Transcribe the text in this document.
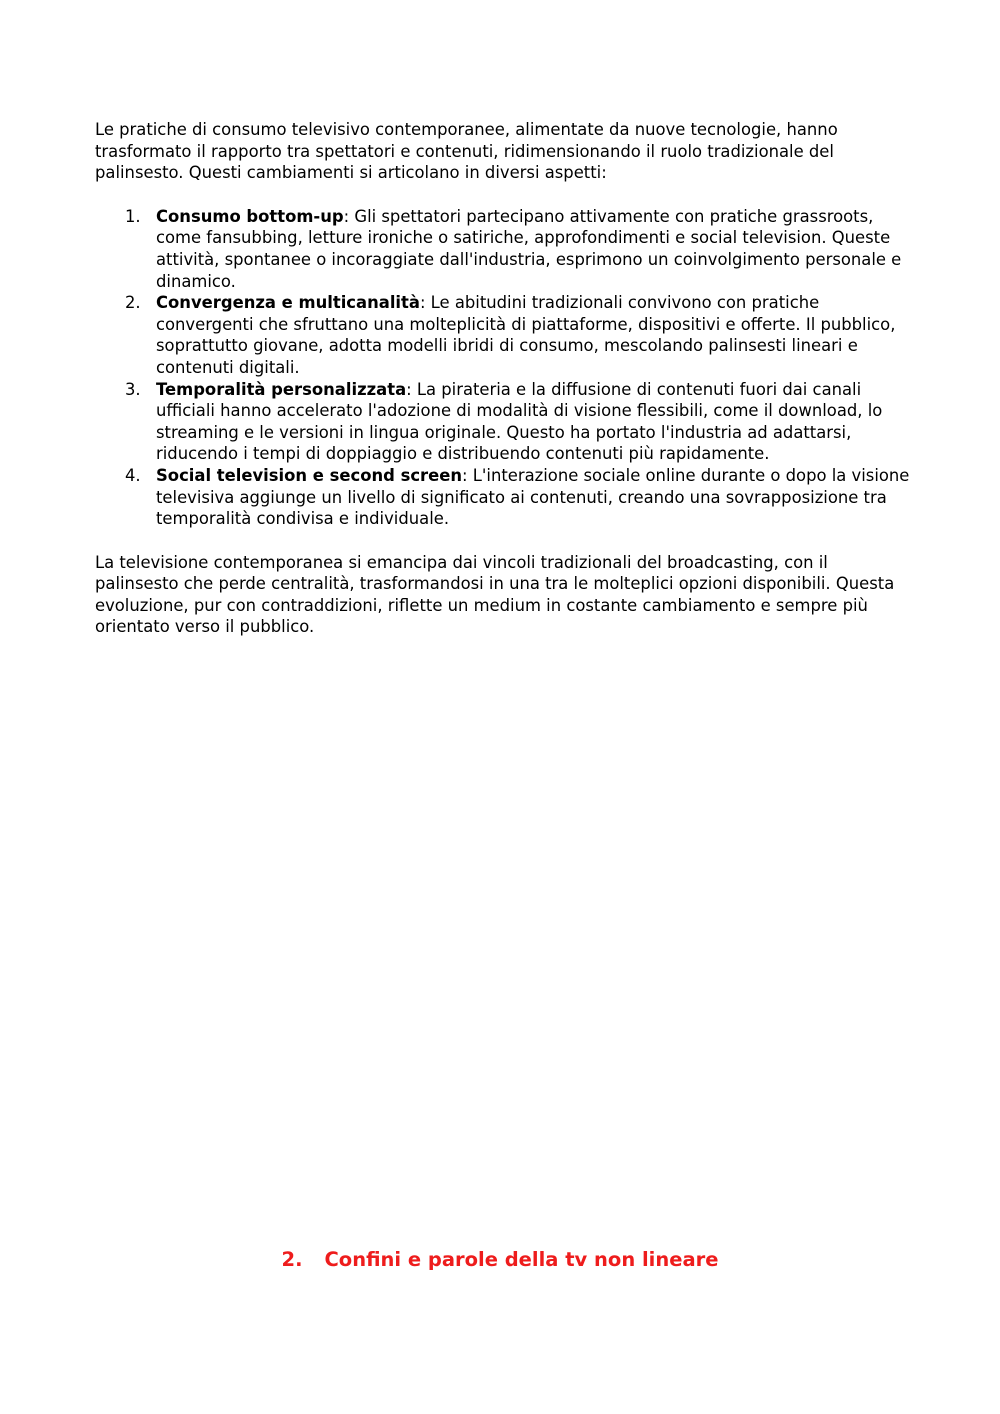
Le pratiche di consumo televisivo contemporanee, alimentate da nuove tecnologie, hanno trasformato il rapporto tra spettatori e contenuti, ridimensionando il ruolo tradizionale del palinsesto. Questi cambiamenti si articolano in diversi aspetti:

1. Consumo bottom-up: Gli spettatori partecipano attivamente con pratiche grassroots, come fansubbing, letture ironiche o satiriche, approfondimenti e social television. Queste attività, spontanee o incoraggiate dall'industria, esprimono un coinvolgimento personale e dinamico.
2. Convergenza e multicanalità: Le abitudini tradizionali convivono con pratiche convergenti che sfruttano una molteplicità di piattaforme, dispositivi e offerte. Il pubblico, soprattutto giovane, adotta modelli ibridi di consumo, mescolando palinsesti lineari e contenuti digitali.
3. Temporalità personalizzata: La pirateria e la diffusione di contenuti fuori dai canali ufficiali hanno accelerato l'adozione di modalità di visione flessibili, come il download, lo streaming e le versioni in lingua originale. Questo ha portato l'industria ad adattarsi, riducendo i tempi di doppiaggio e distribuendo contenuti più rapidamente.
4. Social television e second screen: L'interazione sociale online durante o dopo la visione televisiva aggiunge un livello di significato ai contenuti, creando una sovrapposizione tra temporalità condivisa e individuale.

La televisione contemporanea si emancipa dai vincoli tradizionali del broadcasting, con il palinsesto che perde centralità, trasformandosi in una tra le molteplici opzioni disponibili. Questa evoluzione, pur con contraddizioni, riflette un medium in costante cambiamento e sempre più orientato verso il pubblico.

2. Confini e parole della tv non lineare
